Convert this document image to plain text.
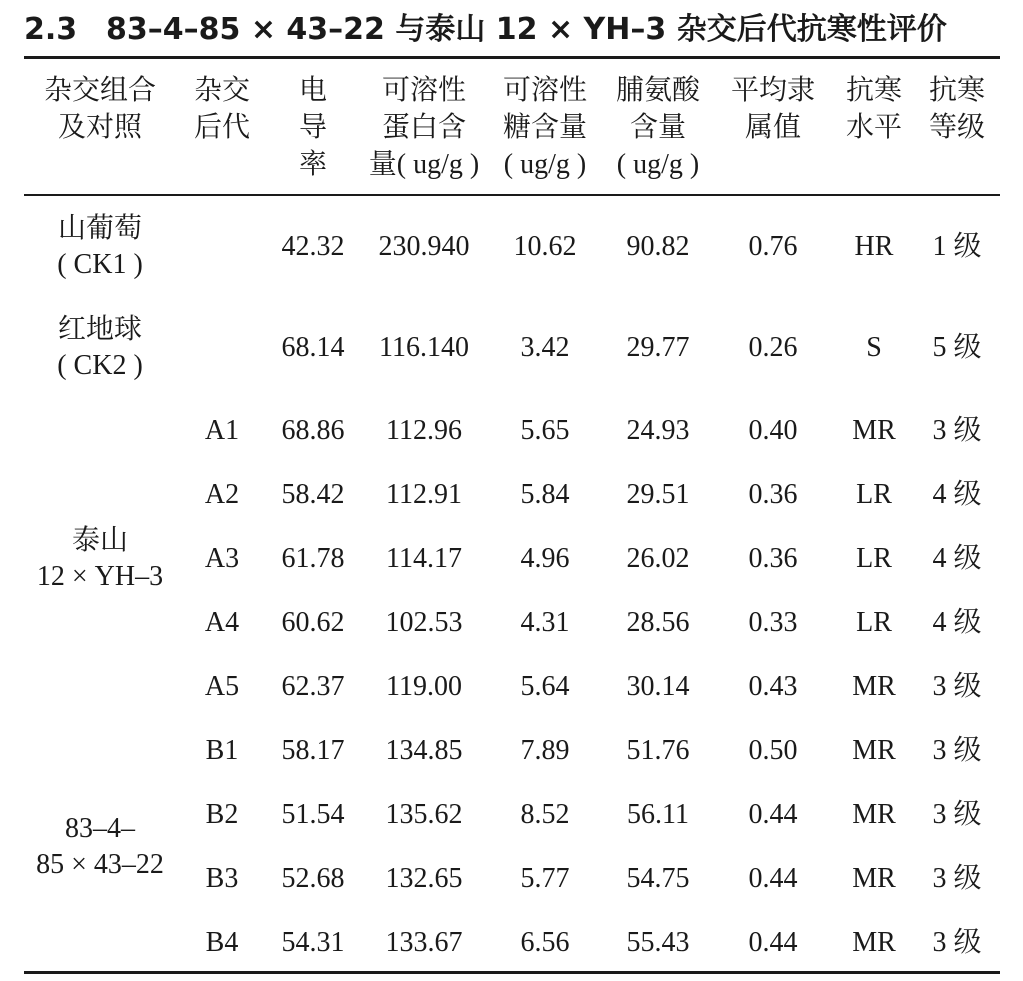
2.3 83–4–85 × 43–22 与泰山 12 × YH–3 杂交后代抗寒性评价
杂交组合
及对照
杂交
后代
电
导
率
可溶性
蛋白含
量( ug/g )
可溶性
糖含量
( ug/g )
脯氨酸
含量
( ug/g )
平均隶
属值
抗寒
水平
抗寒
等级
山葡萄
( CK1 )
红地球
( CK2 )
泰山
12 × YH–3
83–4–
85 × 43–22
42.32 230.940 10.62 90.82 0.76 HR 1 级
68.14 116.140 3.42 29.77 0.26 S 5 级
A1 68.86 112.96 5.65 24.93 0.40 MR 3 级
A2 58.42 112.91 5.84 29.51 0.36 LR 4 级
A3 61.78 114.17 4.96 26.02 0.36 LR 4 级
A4 60.62 102.53 4.31 28.56 0.33 LR 4 级
A5 62.37 119.00 5.64 30.14 0.43 MR 3 级
B1 58.17 134.85 7.89 51.76 0.50 MR 3 级
B2 51.54 135.62 8.52 56.11 0.44 MR 3 级
B3 52.68 132.65 5.77 54.75 0.44 MR 3 级
B4 54.31 133.67 6.56 55.43 0.44 MR 3 级
